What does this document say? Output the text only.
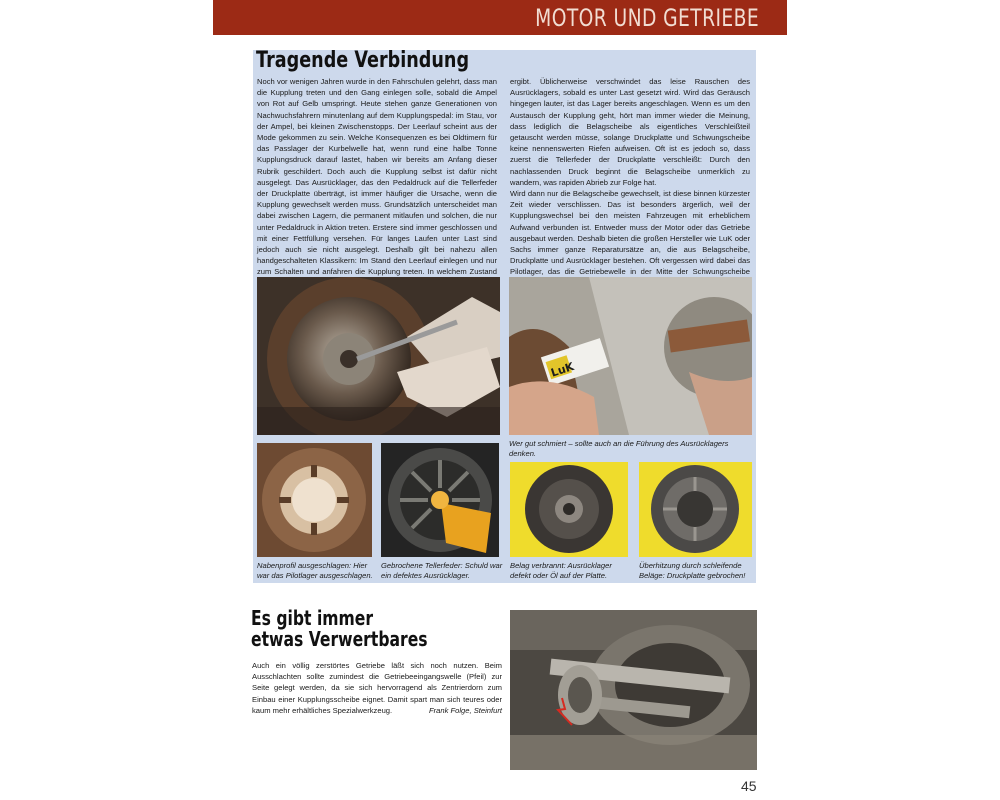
MOTOR UND GETRIEBE
Tragende Verbindung

Noch vor wenigen Jahren wurde in den Fahrschulen gelehrt, dass man die Kupplung treten und den Gang einlegen solle, sobald die Ampel von Rot auf Gelb umspringt. Heute stehen ganze Generationen von Nachwuchsfahrern minutenlang auf dem Kupplungspedal: im Stau, vor der Ampel, bei kleinen Zwischenstopps. Der Leerlauf scheint aus der Mode gekommen zu sein. Welche Konsequenzen es bei Oldtimern für das Passlager der Kurbelwelle hat, wenn rund eine halbe Tonne Kupplungsdruck darauf lastet, haben wir bereits am Anfang dieser Rubrik geschildert. Doch auch die Kupplung selbst ist dafür nicht ausgelegt. Das Ausrücklager, das den Pedaldruck auf die Tellerfeder der Druckplatte überträgt, ist immer häufiger die Ursache, wenn die Kupplung gewechselt werden muss. Grundsätzlich unterscheidet man dabei zwischen Lagern, die permanent mitlaufen und solchen, die nur unter Pedaldruck in Aktion treten. Erstere sind immer geschlossen und mit einer Fettfüllung versehen. Für langes Laufen unter Last sind jedoch auch sie nicht ausgelegt. Deshalb gilt bei nahezu allen handgeschalteten Klassikern: Im Stand den Leerlauf einlegen und nur zum Schalten und anfahren die Kupplung treten. In welchem Zustand

ergibt. Üblicherweise verschwindet das leise Rauschen des Ausrücklagers, sobald es unter Last gesetzt wird. Wird das Geräusch hingegen lauter, ist das Lager bereits angeschlagen. Wenn es um den Austausch der Kupplung geht, hört man immer wieder die Meinung, dass lediglich die Belagscheibe als eigentliches Verschleißteil getauscht werden müsse, solange Druckplatte und Schwungscheibe keine nennenswerten Riefen aufweisen. Oft ist es jedoch so, dass zuerst die Tellerfeder der Druckplatte verschleißt: Durch den nachlassenden Druck beginnt die Belagscheibe unmerklich zu wandern, was rapiden Abrieb zur Folge hat.

Wird dann nur die Belagscheibe gewechselt, ist diese binnen kürzester Zeit wieder verschlissen. Das ist besonders ärgerlich, weil der Kupplungswechsel bei den meisten Fahrzeugen mit erheblichem Aufwand verbunden ist. Entweder muss der Motor oder das Getriebe ausgebaut werden. Deshalb bieten die großen Hersteller wie LuK oder Sachs immer ganze Reparatursätze an, die aus Belagscheibe, Druckplatte und Ausrücklager bestehen. Oft vergessen wird dabei das Pilotlager, das die Getriebewelle in der Mitte der Schwungscheibe

LuK
Wer gut schmiert – sollte auch an die Führung des Ausrücklagers denken.
Nabenprofil ausgeschlagen: Hier war das Pilotlager ausgeschlagen.
Gebrochene Tellerfeder: Schuld war ein defektes Ausrücklager.
Belag verbrannt: Ausrücklager defekt oder Öl auf der Platte.
Überhitzung durch schleifende Beläge: Druckplatte gebrochen!
Es gibt immer
etwas Verwertbares
Auch ein völlig zerstörtes Getriebe läßt sich noch nutzen. Beim Ausschlachten sollte zumindest die Getriebeeingangswelle (Pfeil) zur Seite gelegt werden, da sie sich hervorragend als Zentrierdorn zum Einbau einer Kupplungsscheibe eignet. Damit spart man sich teures oder kaum mehr erhältliches Spezialwerkzeug.	Frank Folge, Steinfurt
45
